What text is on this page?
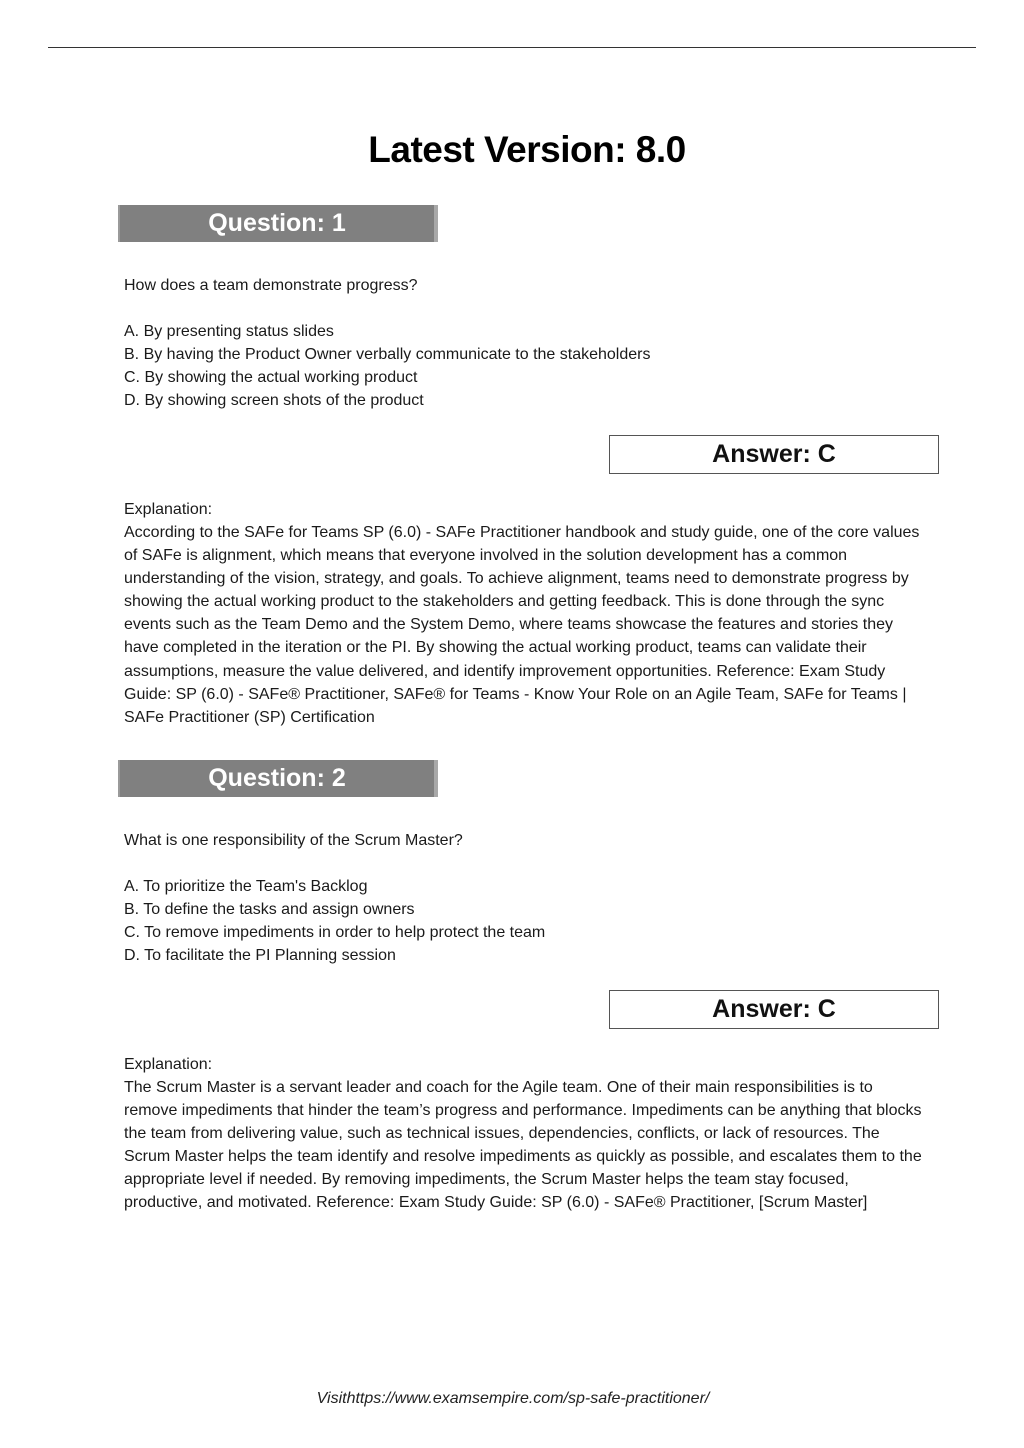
Latest Version: 8.0
Question: 1
How does a team demonstrate progress?
A. By presenting status slides
B. By having the Product Owner verbally communicate to the stakeholders
C. By showing the actual working product
D. By showing screen shots of the product
Answer: C
Explanation:
According to the SAFe for Teams SP (6.0) - SAFe Practitioner handbook and study guide, one of the core values of SAFe is alignment, which means that everyone involved in the solution development has a common understanding of the vision, strategy, and goals. To achieve alignment, teams need to demonstrate progress by showing the actual working product to the stakeholders and getting feedback. This is done through the sync events such as the Team Demo and the System Demo, where teams showcase the features and stories they have completed in the iteration or the PI. By showing the actual working product, teams can validate their assumptions, measure the value delivered, and identify improvement opportunities. Reference: Exam Study Guide: SP (6.0) - SAFe® Practitioner, SAFe® for Teams - Know Your Role on an Agile Team, SAFe for Teams | SAFe Practitioner (SP) Certification
Question: 2
What is one responsibility of the Scrum Master?
A. To prioritize the Team's Backlog
B. To define the tasks and assign owners
C. To remove impediments in order to help protect the team
D. To facilitate the PI Planning session
Answer: C
Explanation:
The Scrum Master is a servant leader and coach for the Agile team. One of their main responsibilities is to remove impediments that hinder the team’s progress and performance. Impediments can be anything that blocks the team from delivering value, such as technical issues, dependencies, conflicts, or lack of resources. The Scrum Master helps the team identify and resolve impediments as quickly as possible, and escalates them to the appropriate level if needed. By removing impediments, the Scrum Master helps the team stay focused, productive, and motivated. Reference: Exam Study Guide: SP (6.0) - SAFe® Practitioner, [Scrum Master]
Visithttps://www.examsempire.com/sp-safe-practitioner/
